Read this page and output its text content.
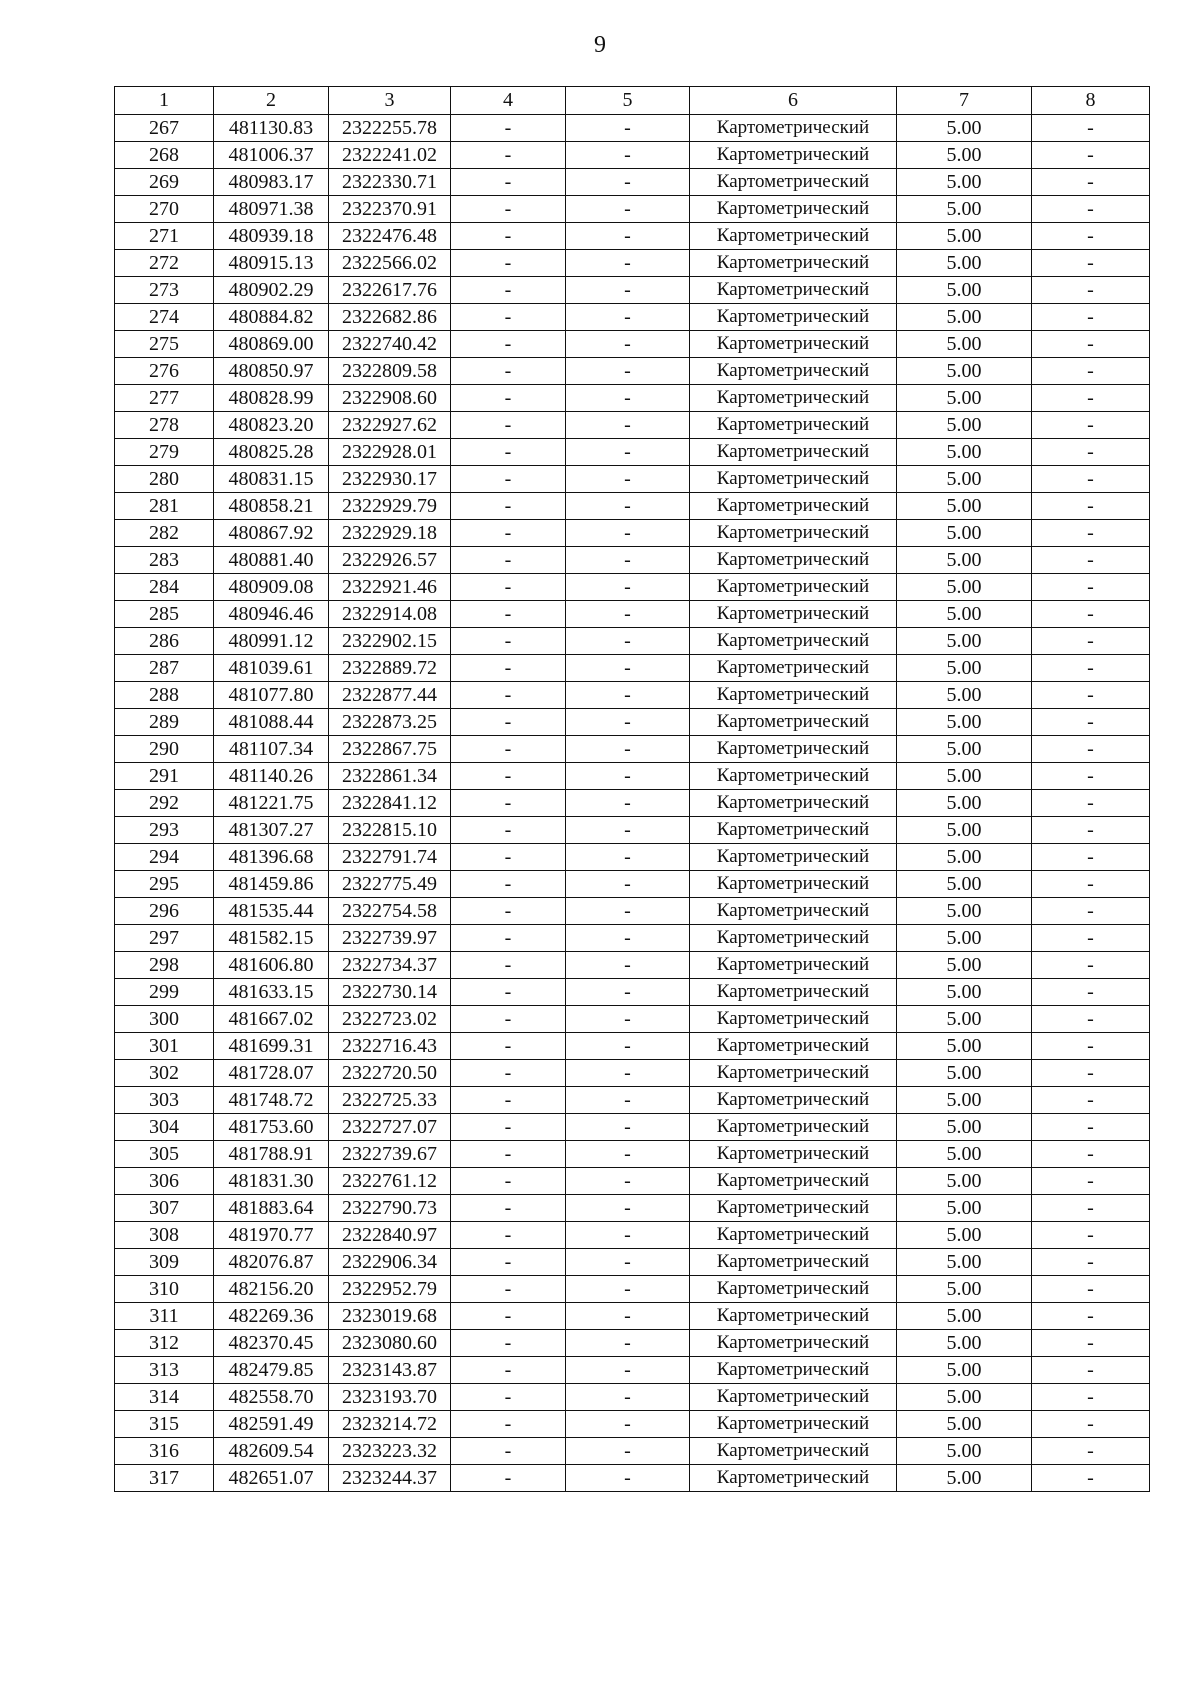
9
1	2	3	4	5	6	7	8
267	481130.83	2322255.78	-	-	Картометрический	5.00	-
268	481006.37	2322241.02	-	-	Картометрический	5.00	-
269	480983.17	2322330.71	-	-	Картометрический	5.00	-
270	480971.38	2322370.91	-	-	Картометрический	5.00	-
271	480939.18	2322476.48	-	-	Картометрический	5.00	-
272	480915.13	2322566.02	-	-	Картометрический	5.00	-
273	480902.29	2322617.76	-	-	Картометрический	5.00	-
274	480884.82	2322682.86	-	-	Картометрический	5.00	-
275	480869.00	2322740.42	-	-	Картометрический	5.00	-
276	480850.97	2322809.58	-	-	Картометрический	5.00	-
277	480828.99	2322908.60	-	-	Картометрический	5.00	-
278	480823.20	2322927.62	-	-	Картометрический	5.00	-
279	480825.28	2322928.01	-	-	Картометрический	5.00	-
280	480831.15	2322930.17	-	-	Картометрический	5.00	-
281	480858.21	2322929.79	-	-	Картометрический	5.00	-
282	480867.92	2322929.18	-	-	Картометрический	5.00	-
283	480881.40	2322926.57	-	-	Картометрический	5.00	-
284	480909.08	2322921.46	-	-	Картометрический	5.00	-
285	480946.46	2322914.08	-	-	Картометрический	5.00	-
286	480991.12	2322902.15	-	-	Картометрический	5.00	-
287	481039.61	2322889.72	-	-	Картометрический	5.00	-
288	481077.80	2322877.44	-	-	Картометрический	5.00	-
289	481088.44	2322873.25	-	-	Картометрический	5.00	-
290	481107.34	2322867.75	-	-	Картометрический	5.00	-
291	481140.26	2322861.34	-	-	Картометрический	5.00	-
292	481221.75	2322841.12	-	-	Картометрический	5.00	-
293	481307.27	2322815.10	-	-	Картометрический	5.00	-
294	481396.68	2322791.74	-	-	Картометрический	5.00	-
295	481459.86	2322775.49	-	-	Картометрический	5.00	-
296	481535.44	2322754.58	-	-	Картометрический	5.00	-
297	481582.15	2322739.97	-	-	Картометрический	5.00	-
298	481606.80	2322734.37	-	-	Картометрический	5.00	-
299	481633.15	2322730.14	-	-	Картометрический	5.00	-
300	481667.02	2322723.02	-	-	Картометрический	5.00	-
301	481699.31	2322716.43	-	-	Картометрический	5.00	-
302	481728.07	2322720.50	-	-	Картометрический	5.00	-
303	481748.72	2322725.33	-	-	Картометрический	5.00	-
304	481753.60	2322727.07	-	-	Картометрический	5.00	-
305	481788.91	2322739.67	-	-	Картометрический	5.00	-
306	481831.30	2322761.12	-	-	Картометрический	5.00	-
307	481883.64	2322790.73	-	-	Картометрический	5.00	-
308	481970.77	2322840.97	-	-	Картометрический	5.00	-
309	482076.87	2322906.34	-	-	Картометрический	5.00	-
310	482156.20	2322952.79	-	-	Картометрический	5.00	-
311	482269.36	2323019.68	-	-	Картометрический	5.00	-
312	482370.45	2323080.60	-	-	Картометрический	5.00	-
313	482479.85	2323143.87	-	-	Картометрический	5.00	-
314	482558.70	2323193.70	-	-	Картометрический	5.00	-
315	482591.49	2323214.72	-	-	Картометрический	5.00	-
316	482609.54	2323223.32	-	-	Картометрический	5.00	-
317	482651.07	2323244.37	-	-	Картометрический	5.00	-
